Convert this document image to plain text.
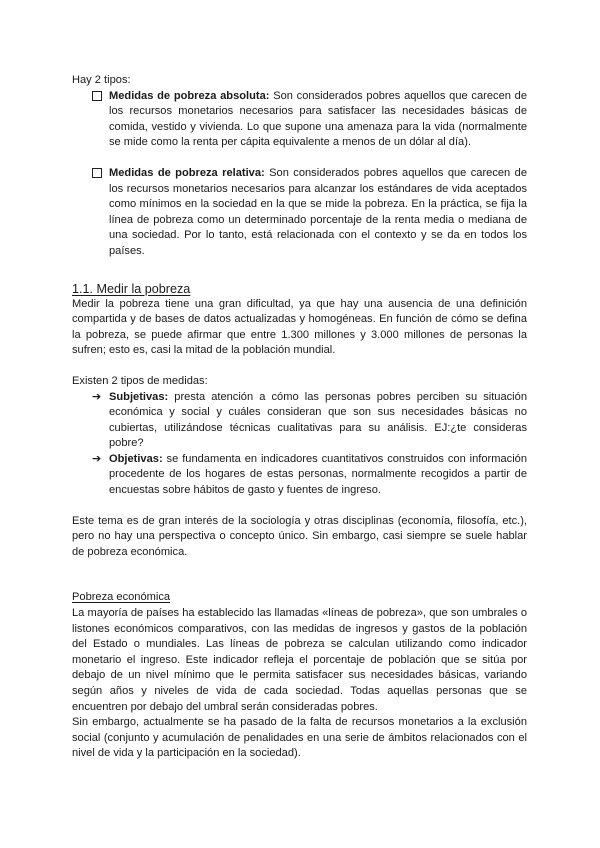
Hay 2 tipos:

Medidas de pobreza absoluta: Son considerados pobres aquellos que carecen de los recursos monetarios necesarios para satisfacer las necesidades básicas de comida, vestido y vivienda. Lo que supone una amenaza para la vida (normalmente se mide como la renta per cápita equivalente a menos de un dólar al día).
Medidas de pobreza relativa: Son considerados pobres aquellos que carecen de los recursos monetarios necesarios para alcanzar los estándares de vida aceptados como mínimos en la sociedad en la que se mide la pobreza. En la práctica, se fija la línea de pobreza como un determinado porcentaje de la renta media o mediana de una sociedad. Por lo tanto, está relacionada con el contexto y se da en todos los países.
1.1. Medir la pobreza

Medir la pobreza tiene una gran dificultad, ya que hay una ausencia de una definición compartida y de bases de datos actualizadas y homogéneas. En función de cómo se defina la pobreza, se puede afirmar que entre 1.300 millones y 3.000 millones de personas la sufren; esto es, casi la mitad de la población mundial.

Existen 2 tipos de medidas:

➔ Subjetivas: presta atención a cómo las personas pobres perciben su situación económica y social y cuáles consideran que son sus necesidades básicas no cubiertas, utilizándose técnicas cualitativas para su análisis. EJ:¿te consideras pobre?
➔ Objetivas: se fundamenta en indicadores cuantitativos construidos con información procedente de los hogares de estas personas, normalmente recogidos a partir de encuestas sobre hábitos de gasto y fuentes de ingreso.

Este tema es de gran interés de la sociología y otras disciplinas (economía, filosofía, etc.), pero no hay una perspectiva o concepto único. Sin embargo, casi siempre se suele hablar de pobreza económica.

Pobreza económica

La mayoría de países ha establecido las llamadas «líneas de pobreza», que son umbrales o listones económicos comparativos, con las medidas de ingresos y gastos de la población del Estado o mundiales. Las líneas de pobreza se calculan utilizando como indicador monetario el ingreso. Este indicador refleja el porcentaje de población que se sitúa por debajo de un nivel mínimo que le permita satisfacer sus necesidades básicas, variando según años y niveles de vida de cada sociedad. Todas aquellas personas que se encuentren por debajo del umbral serán consideradas pobres.

Sin embargo, actualmente se ha pasado de la falta de recursos monetarios a la exclusión social (conjunto y acumulación de penalidades en una serie de ámbitos relacionados con el nivel de vida y la participación en la sociedad).
